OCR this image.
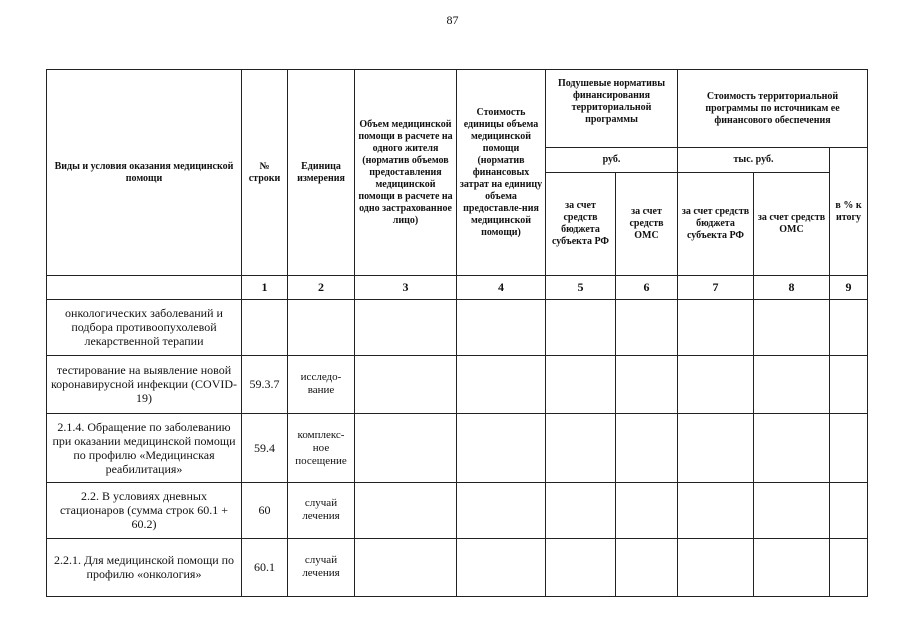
87
Виды и условия оказания медицинской помощи	№ строки	Единица измерения	Объем медицинской помощи в расчете на одного жителя (норматив объемов предоставления медицинской помощи в расчете на одно застрахованное лицо)	Стоимость единицы объема медицинской помощи (норматив финансовых затрат на единицу объема предоставле-ния медицинской помощи)	Подушевые нормативы финансирования территориальной программы		Стоимость территориальной программы по источникам ее финансового обеспечения		
					руб.		тыс. руб.		в % к итогу
					за счет средств бюджета субъекта РФ	за счет средств ОМС	за счет средств бюджета субъекта РФ	за счет средств ОМС	
	1	2	3	4	5	6	7	8	9
онкологических заболеваний и подбора противоопухолевой лекарственной терапии									
тестирование на выявление новой коронавирусной инфекции (COVID-19)	59.3.7	исследо-вание							
2.1.4. Обращение по заболеванию при оказании медицинской помощи по профилю «Медицинская реабилитация»	59.4	комплекс-ное посещение							
2.2. В условиях дневных стационаров (сумма строк 60.1 + 60.2)	60	случай лечения							
2.2.1. Для медицинской помощи по профилю «онкология»	60.1	случай лечения							
